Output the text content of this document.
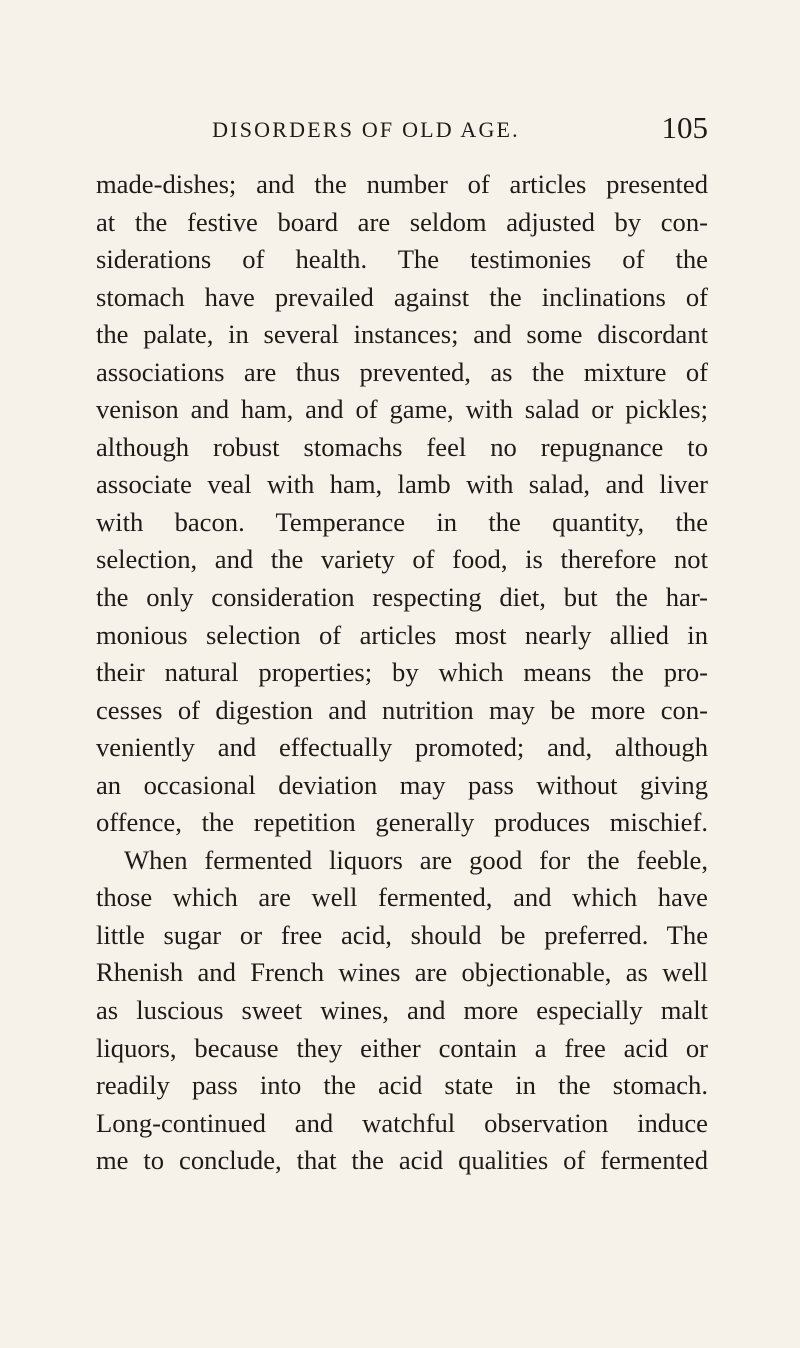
DISORDERS OF OLD AGE.	105
made-dishes; and the number of articles presented
at the festive board are seldom adjusted by con-
siderations of health. The testimonies of the
stomach have prevailed against the inclinations of
the palate, in several instances; and some discordant
associations are thus prevented, as the mixture of
venison and ham, and of game, with salad or pickles;
although robust stomachs feel no repugnance to
associate veal with ham, lamb with salad, and liver
with bacon. Temperance in the quantity, the
selection, and the variety of food, is therefore not
the only consideration respecting diet, but the har-
monious selection of articles most nearly allied in
their natural properties; by which means the pro-
cesses of digestion and nutrition may be more con-
veniently and effectually promoted; and, although
an occasional deviation may pass without giving
offence, the repetition generally produces mischief.
When fermented liquors are good for the feeble,
those which are well fermented, and which have
little sugar or free acid, should be preferred. The
Rhenish and French wines are objectionable, as well
as luscious sweet wines, and more especially malt
liquors, because they either contain a free acid or
readily pass into the acid state in the stomach.
Long-continued and watchful observation induce
me to conclude, that the acid qualities of fermented
